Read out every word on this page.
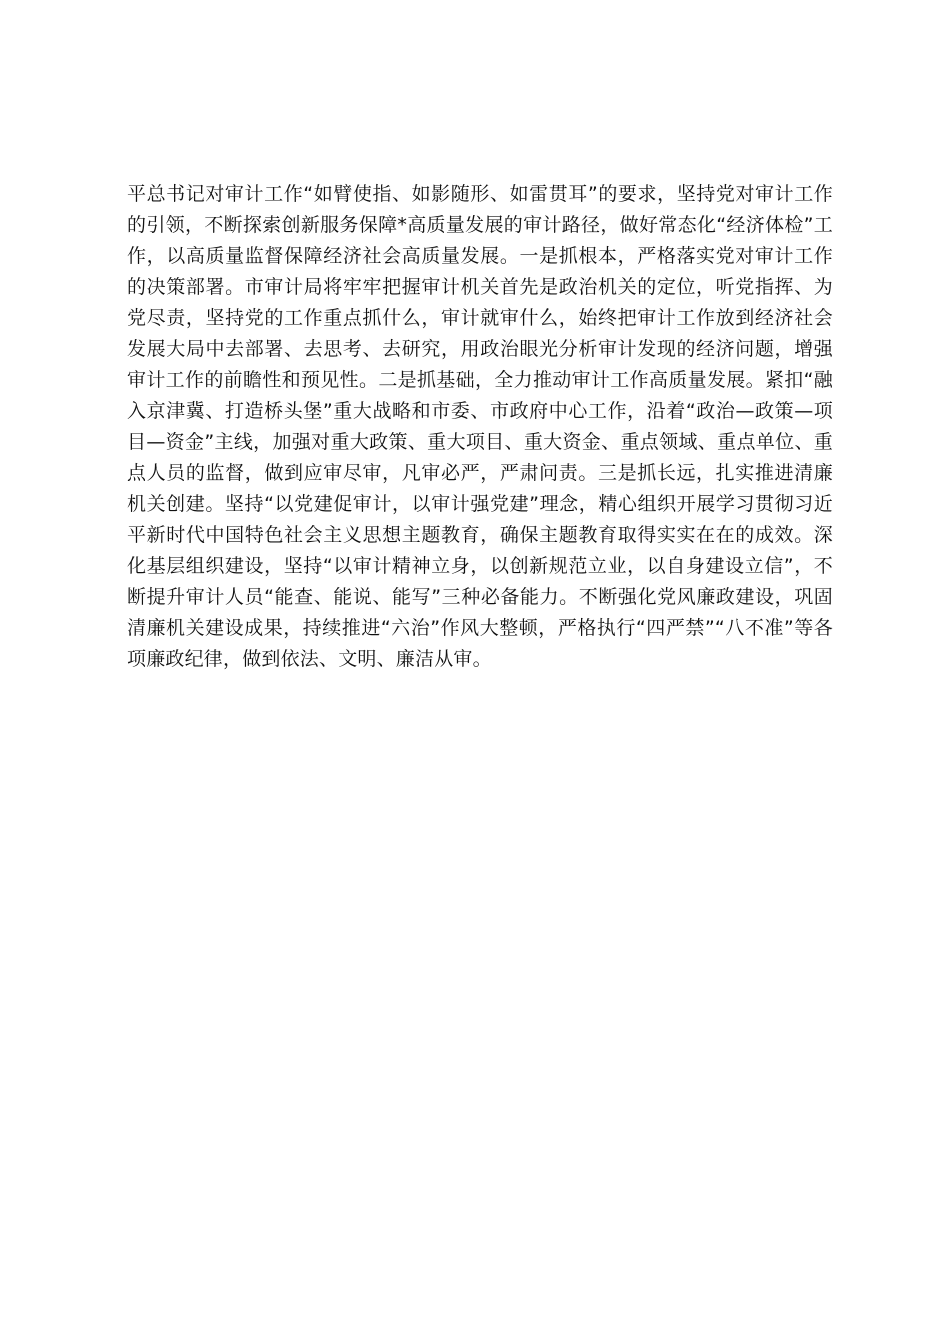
平总书记对审计工作“如臂使指、如影随形、如雷贯耳”的要求，坚持党对审计工作
的引领，不断探索创新服务保障*高质量发展的审计路径，做好常态化“经济体检”工
作，以高质量监督保障经济社会高质量发展。一是抓根本，严格落实党对审计工作
的决策部署。市审计局将牢牢把握审计机关首先是政治机关的定位，听党指挥、为
党尽责，坚持党的工作重点抓什么，审计就审什么，始终把审计工作放到经济社会
发展大局中去部署、去思考、去研究，用政治眼光分析审计发现的经济问题，增强
审计工作的前瞻性和预见性。二是抓基础，全力推动审计工作高质量发展。紧扣“融
入京津冀、打造桥头堡”重大战略和市委、市政府中心工作，沿着“政治—政策—项
目—资金”主线，加强对重大政策、重大项目、重大资金、重点领域、重点单位、重
点人员的监督，做到应审尽审，凡审必严，严肃问责。三是抓长远，扎实推进清廉
机关创建。坚持“以党建促审计，以审计强党建”理念，精心组织开展学习贯彻习近
平新时代中国特色社会主义思想主题教育，确保主题教育取得实实在在的成效。深
化基层组织建设，坚持“以审计精神立身，以创新规范立业，以自身建设立信”，不
断提升审计人员“能查、能说、能写”三种必备能力。不断强化党风廉政建设，巩固
清廉机关建设成果，持续推进“六治”作风大整顿，严格执行“四严禁”“八不准”等各
项廉政纪律，做到依法、文明、廉洁从审。
